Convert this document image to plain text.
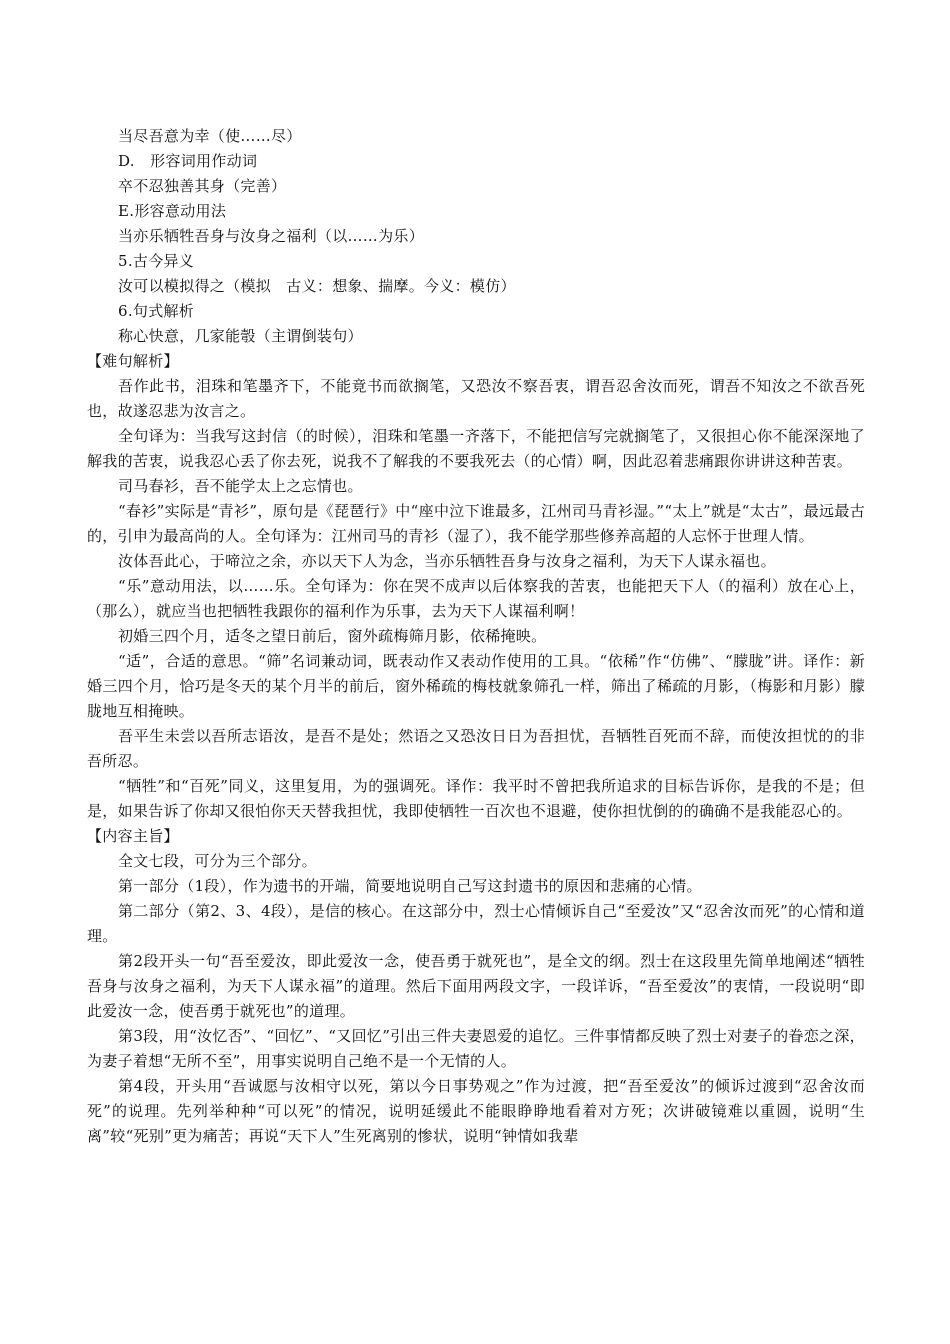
当尽吾意为幸（使……尽）
D.　形容词用作动词
卒不忍独善其身（完善）
E.形容意动用法
当亦乐牺牲吾身与汝身之福利（以……为乐）
5.古今异义
汝可以模拟得之（模拟　古义：想象、揣摩。今义：模仿）
6.句式解析
称心快意，几家能彀（主谓倒装句）
【难句解析】

吾作此书，泪珠和笔墨齐下，不能竟书而欲搁笔，又恐汝不察吾衷，谓吾忍舍汝而死，谓吾不知汝之不欲吾死也，故遂忍悲为汝言之。

全句译为：当我写这封信（的时候），泪珠和笔墨一齐落下，不能把信写完就搁笔了，又很担心你不能深深地了解我的苦衷，说我忍心丢了你去死，说我不了解我的不要我死去（的心情）啊，因此忍着悲痛跟你讲讲这种苦衷。

司马春衫，吾不能学太上之忘情也。

“春衫”实际是“青衫”，原句是《琵琶行》中“座中泣下谁最多，江州司马青衫湿。”“太上”就是“太古”，最远最古的，引申为最高尚的人。全句译为：江州司马的青衫（湿了），我不能学那些修养高超的人忘怀于世理人情。

汝体吾此心，于啼泣之余，亦以天下人为念，当亦乐牺牲吾身与汝身之福利，为天下人谋永福也。

“乐”意动用法，以……乐。全句译为：你在哭不成声以后体察我的苦衷，也能把天下人（的福利）放在心上，（那么），就应当也把牺牲我跟你的福利作为乐事，去为天下人谋福利啊！

初婚三四个月，适冬之望日前后，窗外疏梅筛月影，依稀掩映。

“适”，合适的意思。“筛”名词兼动词，既表动作又表动作使用的工具。“依稀”作“仿佛”、“朦胧”讲。译作：新婚三四个月，恰巧是冬天的某个月半的前后，窗外稀疏的梅枝就象筛孔一样，筛出了稀疏的月影，（梅影和月影）朦胧地互相掩映。

吾平生未尝以吾所志语汝，是吾不是处；然语之又恐汝日日为吾担忧，吾牺牲百死而不辞，而使汝担忧的的非吾所忍。

“牺牲”和“百死”同义，这里复用，为的强调死。译作：我平时不曾把我所追求的目标告诉你，是我的不是；但是，如果告诉了你却又很怕你天天替我担忧，我即使牺牲一百次也不退避，使你担忧倒的的确确不是我能忍心的。

【内容主旨】

全文七段，可分为三个部分。

第一部分（1段），作为遗书的开端，简要地说明自己写这封遗书的原因和悲痛的心情。

第二部分（第2、3、4段），是信的核心。在这部分中，烈士心情倾诉自己“至爱汝”又“忍舍汝而死”的心情和道理。

第2段开头一句“吾至爱汝，即此爱汝一念，使吾勇于就死也”，是全文的纲。烈士在这段里先简单地阐述“牺牲吾身与汝身之福利，为天下人谋永福”的道理。然后下面用两段文字，一段详诉，“吾至爱汝”的衷情，一段说明“即此爱汝一念，使吾勇于就死也”的道理。

第3段，用“汝忆否”、“回忆”、“又回忆”引出三件夫妻恩爱的追忆。三件事情都反映了烈士对妻子的眷恋之深，为妻子着想“无所不至”，用事实说明自己绝不是一个无情的人。

第4段，开头用“吾诚愿与汝相守以死，第以今日事势观之”作为过渡，把“吾至爱汝”的倾诉过渡到“忍舍汝而死”的说理。先列举种种“可以死”的情况，说明延缓此不能眼睁睁地看着对方死；次讲破镜难以重圆，说明“生离”较“死别”更为痛苦；再说“天下人”生死离别的惨状，说明“钟情如我辈
